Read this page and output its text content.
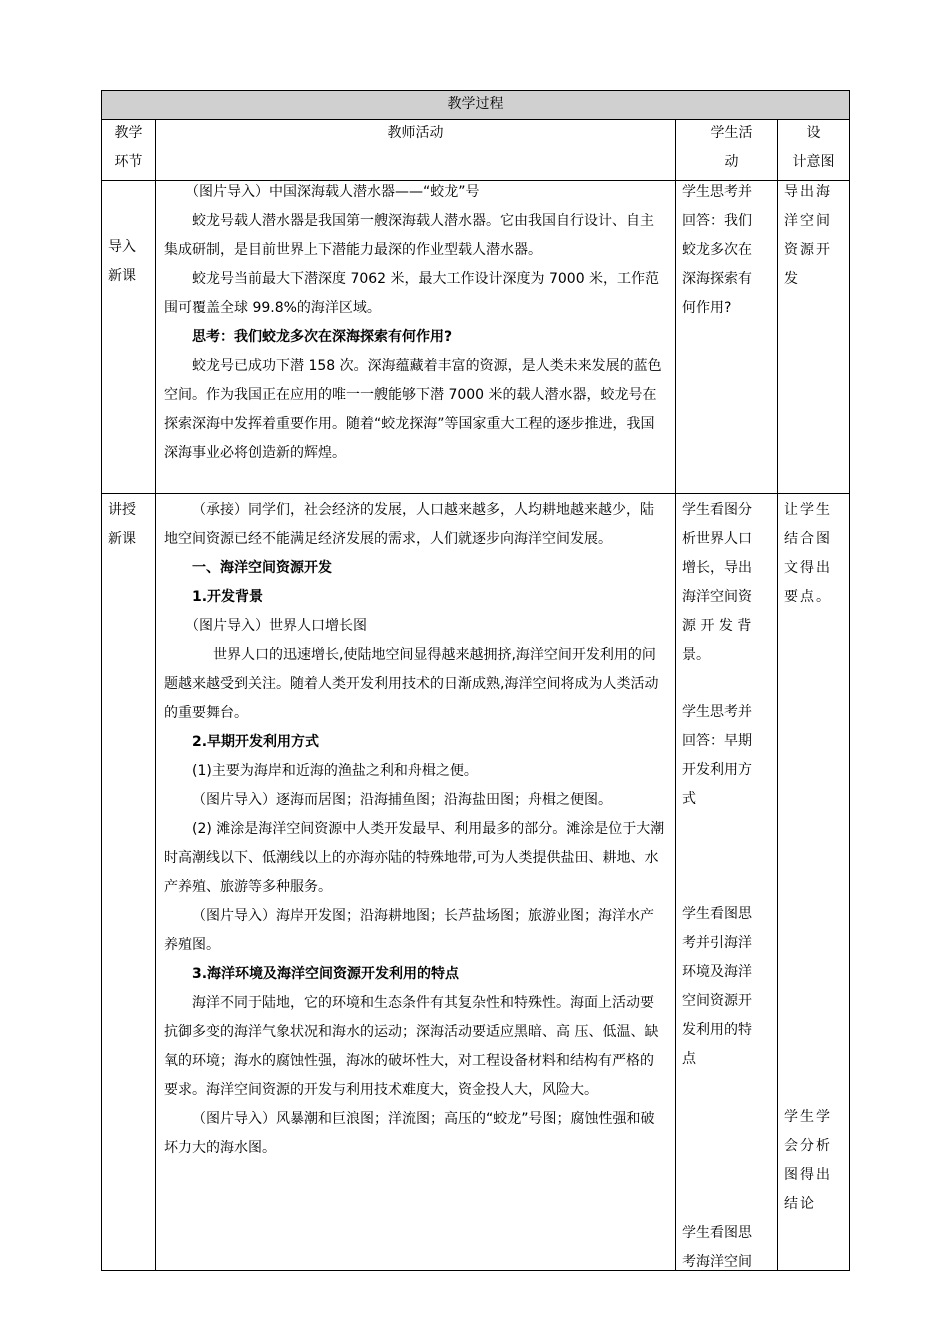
教学过程

教学

环节

教师活动	学生活

动

设

计意图

导入

新课

（图片导入）中国深海载人潜水器——“蛟龙”号

蛟龙号载人潜水器是我国第一艘深海载人潜水器。它由我国自行设计、自主集成研制，是目前世界上下潜能力最深的作业型载人潜水器。

蛟龙号当前最大下潜深度 7062 米，最大工作设计深度为 7000 米，工作范围可覆盖全球 99.8%的海洋区域。

思考：我们蛟龙多次在深海探索有何作用?

蛟龙号已成功下潜 158 次。深海蕴藏着丰富的资源，是人类未来发展的蓝色空间。作为我国正在应用的唯一一艘能够下潜 7000 米的载人潜水器，蛟龙号在探索深海中发挥着重要作用。随着“蛟龙探海”等国家重大工程的逐步推进，我国深海事业必将创造新的辉煌。

学生思考并

回答：我们

蛟龙多次在

深海探索有

何作用?

导出海

洋空间

资源开

发

讲授

新课

（承接）同学们，社会经济的发展，人口越来越多，人均耕地越来越少，陆地空间资源已经不能满足经济发展的需求，人们就逐步向海洋空间发展。

一、海洋空间资源开发

1.开发背景

（图片导入）世界人口增长图

世界人口的迅速增长,使陆地空间显得越来越拥挤,海洋空间开发利用的问题越来越受到关注。随着人类开发利用技术的日渐成熟,海洋空间将成为人类活动的重要舞台。

2.早期开发利用方式

(1)主要为海岸和近海的渔盐之利和舟楫之便。

（图片导入）逐海而居图；沿海捕鱼图；沿海盐田图；舟楫之便图。

(2) 滩涂是海洋空间资源中人类开发最早、利用最多的部分。滩涂是位于大潮时高潮线以下、低潮线以上的亦海亦陆的特殊地带,可为人类提供盐田、耕地、水产养殖、旅游等多种服务。

（图片导入）海岸开发图；沿海耕地图；长芦盐场图；旅游业图；海洋水产养殖图。

3.海洋环境及海洋空间资源开发利用的特点

海洋不同于陆地，它的环境和生态条件有其复杂性和特殊性。海面上活动要抗御多变的海洋气象状况和海水的运动；深海活动要适应黑暗、高 压、低温、缺氧的环境；海水的腐蚀性强，海冰的破坏性大，对工程设备材料和结构有严格的要求。海洋空间资源的开发与利用技术难度大，资金投人大，风险大。

（图片导入）风暴潮和巨浪图；洋流图；高压的“蛟龙”号图；腐蚀性强和破坏力大的海水图。

学生看图分

析世界人口

增长，导出

海洋空间资

源 开 发 背

景。

学生思考并

回答：早期

开发利用方

式

学生看图思

考并引海洋

环境及海洋

空间资源开

发利用的特

点

学生看图思

考海洋空间

让学生

结合图

文得出

要点。

学生学

会分析

图得出

结论
